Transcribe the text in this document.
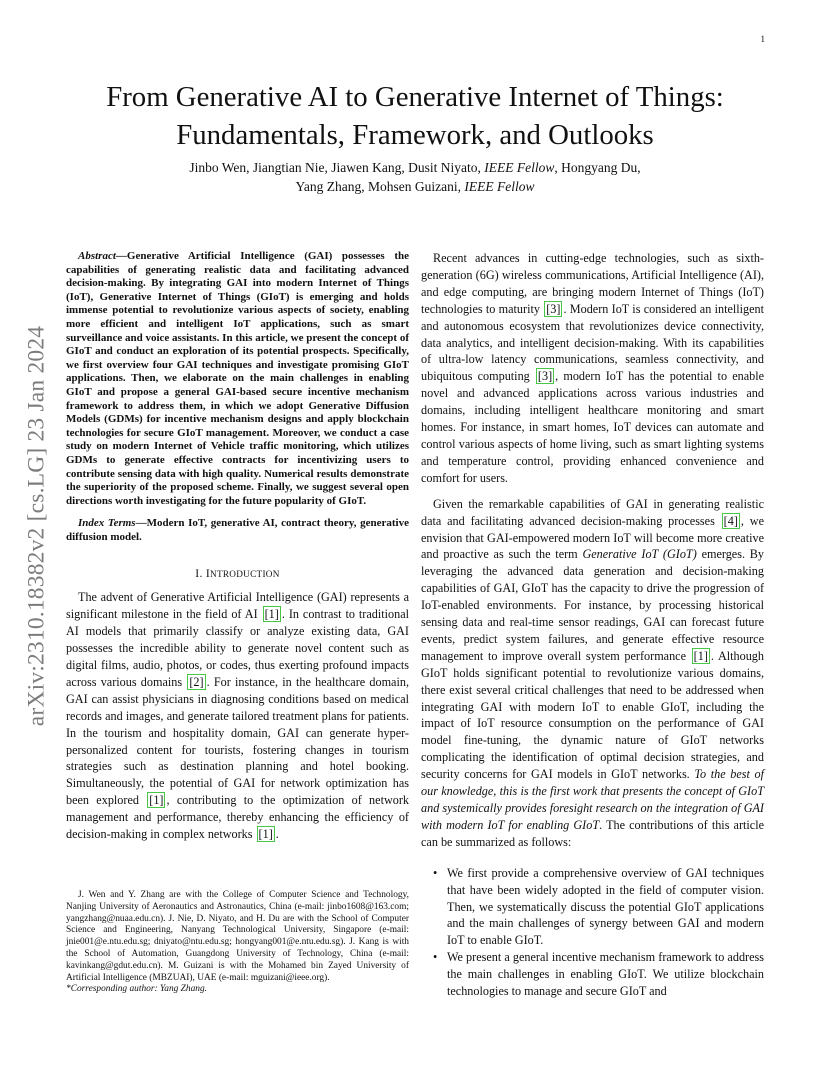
1
arXiv:2310.18382v2 [cs.LG] 23 Jan 2024
From Generative AI to Generative Internet of Things: Fundamentals, Framework, and Outlooks
Jinbo Wen, Jiangtian Nie, Jiawen Kang, Dusit Niyato, IEEE Fellow, Hongyang Du,
Yang Zhang, Mohsen Guizani, IEEE Fellow

Abstract—Generative Artificial Intelligence (GAI) possesses the capabilities of generating realistic data and facilitating advanced decision-making. By integrating GAI into modern Internet of Things (IoT), Generative Internet of Things (GIoT) is emerging and holds immense potential to revolutionize various aspects of society, enabling more efficient and intelligent IoT applications, such as smart surveillance and voice assistants. In this article, we present the concept of GIoT and conduct an exploration of its potential prospects. Specifically, we first overview four GAI techniques and investigate promising GIoT applications. Then, we elaborate on the main challenges in enabling GIoT and propose a general GAI-based secure incentive mechanism framework to address them, in which we adopt Generative Diffusion Models (GDMs) for incentive mechanism designs and apply blockchain technologies for secure GIoT management. Moreover, we conduct a case study on modern Internet of Vehicle traffic monitoring, which utilizes GDMs to generate effective contracts for incentivizing users to contribute sensing data with high quality. Numerical results demonstrate the superiority of the proposed scheme. Finally, we suggest several open directions worth investigating for the future popularity of GIoT.

Index Terms—Modern IoT, generative AI, contract theory, generative diffusion model.

I. INTRODUCTION

The advent of Generative Artificial Intelligence (GAI) represents a significant milestone in the field of AI [1] . In contrast to traditional AI models that primarily classify or analyze existing data, GAI possesses the incredible ability to generate novel content such as digital films, audio, photos, or codes, thus exerting profound impacts across various domains [2] . For instance, in the healthcare domain, GAI can assist physicians in diagnosing conditions based on medical records and images, and generate tailored treatment plans for patients. In the tourism and hospitality domain, GAI can generate hyper-personalized content for tourists, fostering changes in tourism strategies such as destination planning and hotel booking. Simultaneously, the potential of GAI for network optimization has been explored [1] , contributing to the optimization of network management and performance, thereby enhancing the efficiency of decision-making in complex networks [1] .

J. Wen and Y. Zhang are with the College of Computer Science and Technology, Nanjing University of Aeronautics and Astronautics, China (e-mail: jinbo1608@163.com; yangzhang@nuaa.edu.cn). J. Nie, D. Niyato, and H. Du are with the School of Computer Science and Engineering, Nanyang Technological University, Singapore (e-mail: jnie001@e.ntu.edu.sg; dniyato@ntu.edu.sg; hongyang001@e.ntu.edu.sg). J. Kang is with the School of Automation, Guangdong University of Technology, China (e-mail: kavinkang@gdut.edu.cn). M. Guizani is with the Mohamed bin Zayed University of Artificial Intelligence (MBZUAI), UAE (e-mail: mguizani@ieee.org).

*Corresponding author: Yang Zhang.

Recent advances in cutting-edge technologies, such as sixth-generation (6G) wireless communications, Artificial Intelligence (AI), and edge computing, are bringing modern Internet of Things (IoT) technologies to maturity [3] . Modern IoT is considered an intelligent and autonomous ecosystem that revolutionizes device connectivity, data analytics, and intelligent decision-making. With its capabilities of ultra-low latency communications, seamless connectivity, and ubiquitous computing [3] , modern IoT has the potential to enable novel and advanced applications across various industries and domains, including intelligent healthcare monitoring and smart homes. For instance, in smart homes, IoT devices can automate and control various aspects of home living, such as smart lighting systems and temperature control, providing enhanced convenience and comfort for users.

Given the remarkable capabilities of GAI in generating realistic data and facilitating advanced decision-making processes [4] , we envision that GAI-empowered modern IoT will become more creative and proactive as such the term Generative IoT (GIoT) emerges. By leveraging the advanced data generation and decision-making capabilities of GAI, GIoT has the capacity to drive the progression of IoT-enabled environments. For instance, by processing historical sensing data and real-time sensor readings, GAI can forecast future events, predict system failures, and generate effective resource management to improve overall system performance [1] . Although GIoT holds significant potential to revolutionize various domains, there exist several critical challenges that need to be addressed when integrating GAI with modern IoT to enable GIoT, including the impact of IoT resource consumption on the performance of GAI model fine-tuning, the dynamic nature of GIoT networks complicating the identification of optimal decision strategies, and security concerns for GAI models in GIoT networks. To the best of our knowledge, this is the first work that presents the concept of GIoT and systemically provides foresight research on the integration of GAI with modern IoT for enabling GIoT. The contributions of this article can be summarized as follows:

• We first provide a comprehensive overview of GAI techniques that have been widely adopted in the field of computer vision. Then, we systematically discuss the potential GIoT applications and the main challenges of synergy between GAI and modern IoT to enable GIoT.
• We present a general incentive mechanism framework to address the main challenges in enabling GIoT. We utilize blockchain technologies to manage and secure GIoT and
